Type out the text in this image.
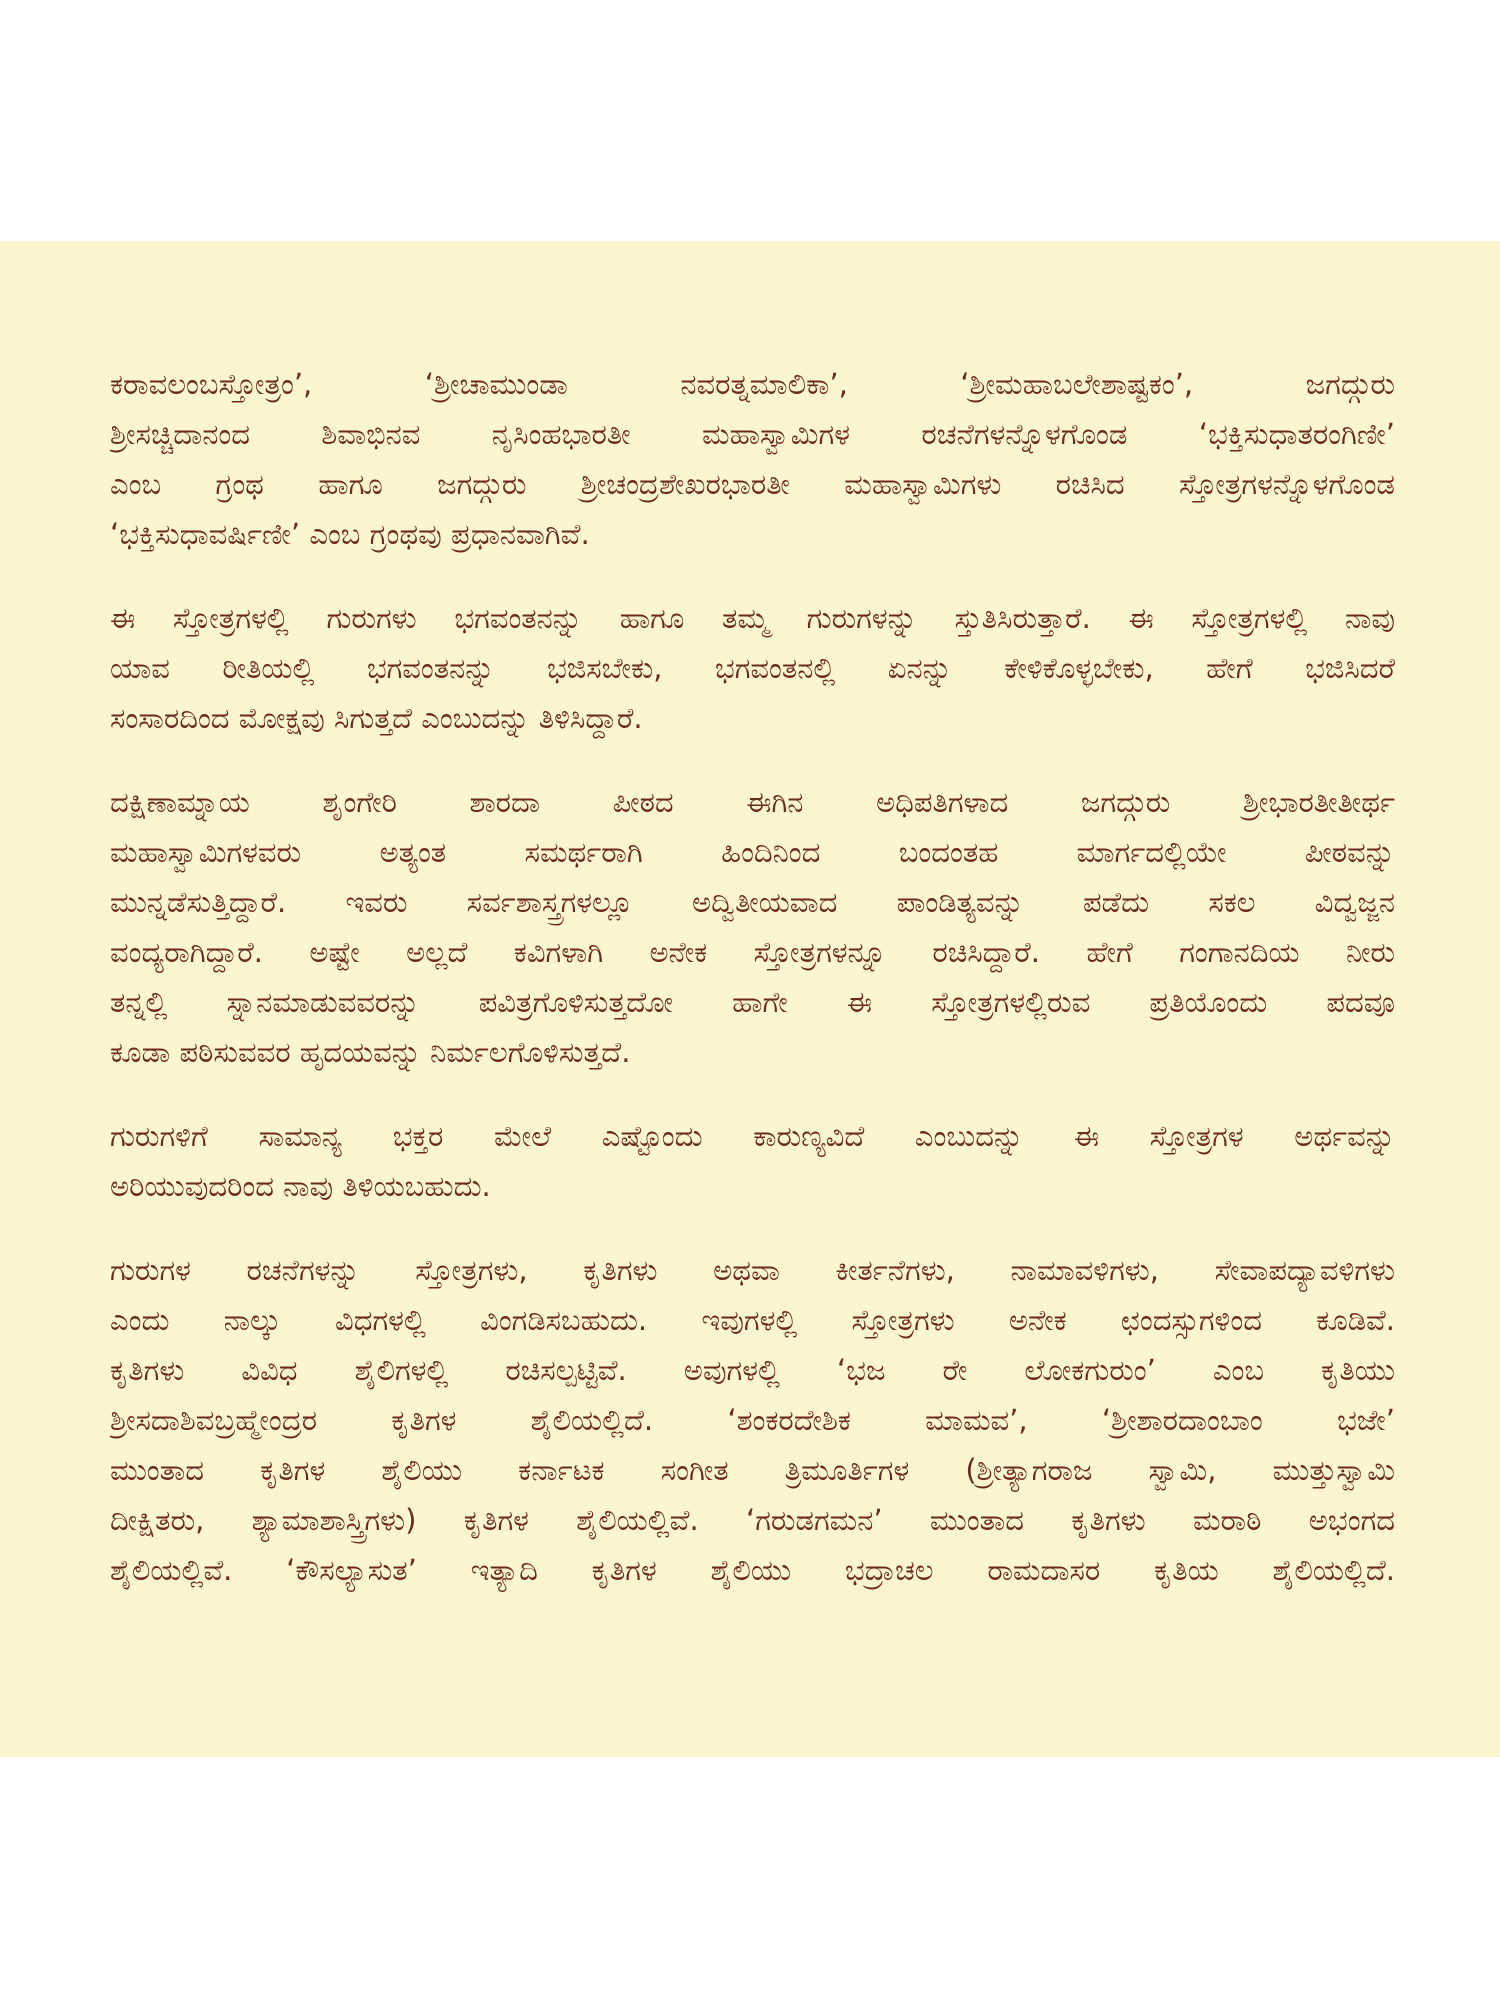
ಕರಾವಲಂಬಸ್ತೋತ್ರಂ’, ‘ಶ್ರೀಚಾಮುಂಡಾ ನವರತ್ನಮಾಲಿಕಾ’, ‘ಶ್ರೀಮಹಾಬಲೇಶಾಷ್ಟಕಂ’, ಜಗದ್ಗುರು
ಶ್ರೀಸಚ್ಚಿದಾನಂದ ಶಿವಾಭಿನವ ನೃಸಿಂಹಭಾರತೀ ಮಹಾಸ್ವಾಮಿಗಳ ರಚನೆಗಳನ್ನೊಳಗೊಂಡ ‘ಭಕ್ತಿಸುಧಾತರಂಗಿಣೀ’
ಎಂಬ ಗ್ರಂಥ ಹಾಗೂ ಜಗದ್ಗುರು ಶ್ರೀಚಂದ್ರಶೇಖರಭಾರತೀ ಮಹಾಸ್ವಾಮಿಗಳು ರಚಿಸಿದ ಸ್ತೋತ್ರಗಳನ್ನೊಳಗೊಂಡ
‘ಭಕ್ತಿಸುಧಾವರ್ಷಿಣೀ’ ಎಂಬ ಗ್ರಂಥವು ಪ್ರಧಾನವಾಗಿವೆ.

ಈ ಸ್ತೋತ್ರಗಳಲ್ಲಿ ಗುರುಗಳು ಭಗವಂತನನ್ನು ಹಾಗೂ ತಮ್ಮ ಗುರುಗಳನ್ನು ಸ್ತುತಿಸಿರುತ್ತಾರೆ. ಈ ಸ್ತೋತ್ರಗಳಲ್ಲಿ ನಾವು
ಯಾವ ರೀತಿಯಲ್ಲಿ ಭಗವಂತನನ್ನು ಭಜಿಸಬೇಕು, ಭಗವಂತನಲ್ಲಿ ಏನನ್ನು ಕೇಳಿಕೊಳ್ಳಬೇಕು, ಹೇಗೆ ಭಜಿಸಿದರೆ
ಸಂಸಾರದಿಂದ ಮೋಕ್ಷವು ಸಿಗುತ್ತದೆ ಎಂಬುದನ್ನು ತಿಳಿಸಿದ್ದಾರೆ.

ದಕ್ಷಿಣಾಮ್ನಾಯ ಶೃಂಗೇರಿ ಶಾರದಾ ಪೀಠದ ಈಗಿನ ಅಧಿಪತಿಗಳಾದ ಜಗದ್ಗುರು ಶ್ರೀಭಾರತೀತೀರ್ಥ
ಮಹಾಸ್ವಾಮಿಗಳವರು ಅತ್ಯಂತ ಸಮರ್ಥರಾಗಿ ಹಿಂದಿನಿಂದ ಬಂದಂತಹ ಮಾರ್ಗದಲ್ಲಿಯೇ ಪೀಠವನ್ನು
ಮುನ್ನಡೆಸುತ್ತಿದ್ದಾರೆ. ಇವರು ಸರ್ವಶಾಸ್ತ್ರಗಳಲ್ಲೂ ಅದ್ವಿತೀಯವಾದ ಪಾಂಡಿತ್ಯವನ್ನು ಪಡೆದು ಸಕಲ ವಿದ್ವಜ್ಜನ
ವಂದ್ಯರಾಗಿದ್ದಾರೆ. ಅಷ್ಟೇ ಅಲ್ಲದೆ ಕವಿಗಳಾಗಿ ಅನೇಕ ಸ್ತೋತ್ರಗಳನ್ನೂ ರಚಿಸಿದ್ದಾರೆ. ಹೇಗೆ ಗಂಗಾನದಿಯ ನೀರು
ತನ್ನಲ್ಲಿ ಸ್ನಾನಮಾಡುವವರನ್ನು ಪವಿತ್ರಗೊಳಿಸುತ್ತದೋ ಹಾಗೇ ಈ ಸ್ತೋತ್ರಗಳಲ್ಲಿರುವ ಪ್ರತಿಯೊಂದು ಪದವೂ
ಕೂಡಾ ಪಠಿಸುವವರ ಹೃದಯವನ್ನು ನಿರ್ಮಲಗೊಳಿಸುತ್ತದೆ.

ಗುರುಗಳಿಗೆ ಸಾಮಾನ್ಯ ಭಕ್ತರ ಮೇಲೆ ಎಷ್ಟೊಂದು ಕಾರುಣ್ಯವಿದೆ ಎಂಬುದನ್ನು ಈ ಸ್ತೋತ್ರಗಳ ಅರ್ಥವನ್ನು
ಅರಿಯುವುದರಿಂದ ನಾವು ತಿಳಿಯಬಹುದು.

ಗುರುಗಳ ರಚನೆಗಳನ್ನು ಸ್ತೋತ್ರಗಳು, ಕೃತಿಗಳು ಅಥವಾ ಕೀರ್ತನೆಗಳು, ನಾಮಾವಳಿಗಳು, ಸೇವಾಪದ್ಯಾವಳಿಗಳು
ಎಂದು ನಾಲ್ಕು ವಿಧಗಳಲ್ಲಿ ವಿಂಗಡಿಸಬಹುದು. ಇವುಗಳಲ್ಲಿ ಸ್ತೋತ್ರಗಳು ಅನೇಕ ಛಂದಸ್ಸುಗಳಿಂದ ಕೂಡಿವೆ.
ಕೃತಿಗಳು ವಿವಿಧ ಶೈಲಿಗಳಲ್ಲಿ ರಚಿಸಲ್ಪಟ್ಟಿವೆ. ಅವುಗಳಲ್ಲಿ ‘ಭಜ ರೇ ಲೋಕಗುರುಂ’ ಎಂಬ ಕೃತಿಯು
ಶ್ರೀಸದಾಶಿವಬ್ರಹ್ಮೇಂದ್ರರ ಕೃತಿಗಳ ಶೈಲಿಯಲ್ಲಿದೆ. ‘ಶಂಕರದೇಶಿಕ ಮಾಮವ’, ‘ಶ್ರೀಶಾರದಾಂಬಾಂ ಭಜೇ’
ಮುಂತಾದ ಕೃತಿಗಳ ಶೈಲಿಯು ಕರ್ನಾಟಕ ಸಂಗೀತ ತ್ರಿಮೂರ್ತಿಗಳ (ಶ್ರೀತ್ಯಾಗರಾಜ ಸ್ವಾಮಿ, ಮುತ್ತುಸ್ವಾಮಿ
ದೀಕ್ಷಿತರು, ಶ್ಯಾಮಾಶಾಸ್ತ್ರಿಗಳು) ಕೃತಿಗಳ ಶೈಲಿಯಲ್ಲಿವೆ. ‘ಗರುಡಗಮನ’ ಮುಂತಾದ ಕೃತಿಗಳು ಮರಾಠಿ ಅಭಂಗದ
ಶೈಲಿಯಲ್ಲಿವೆ. ‘ಕೌಸಲ್ಯಾಸುತ’ ಇತ್ಯಾದಿ ಕೃತಿಗಳ ಶೈಲಿಯು ಭದ್ರಾಚಲ ರಾಮದಾಸರ ಕೃತಿಯ ಶೈಲಿಯಲ್ಲಿದೆ.
